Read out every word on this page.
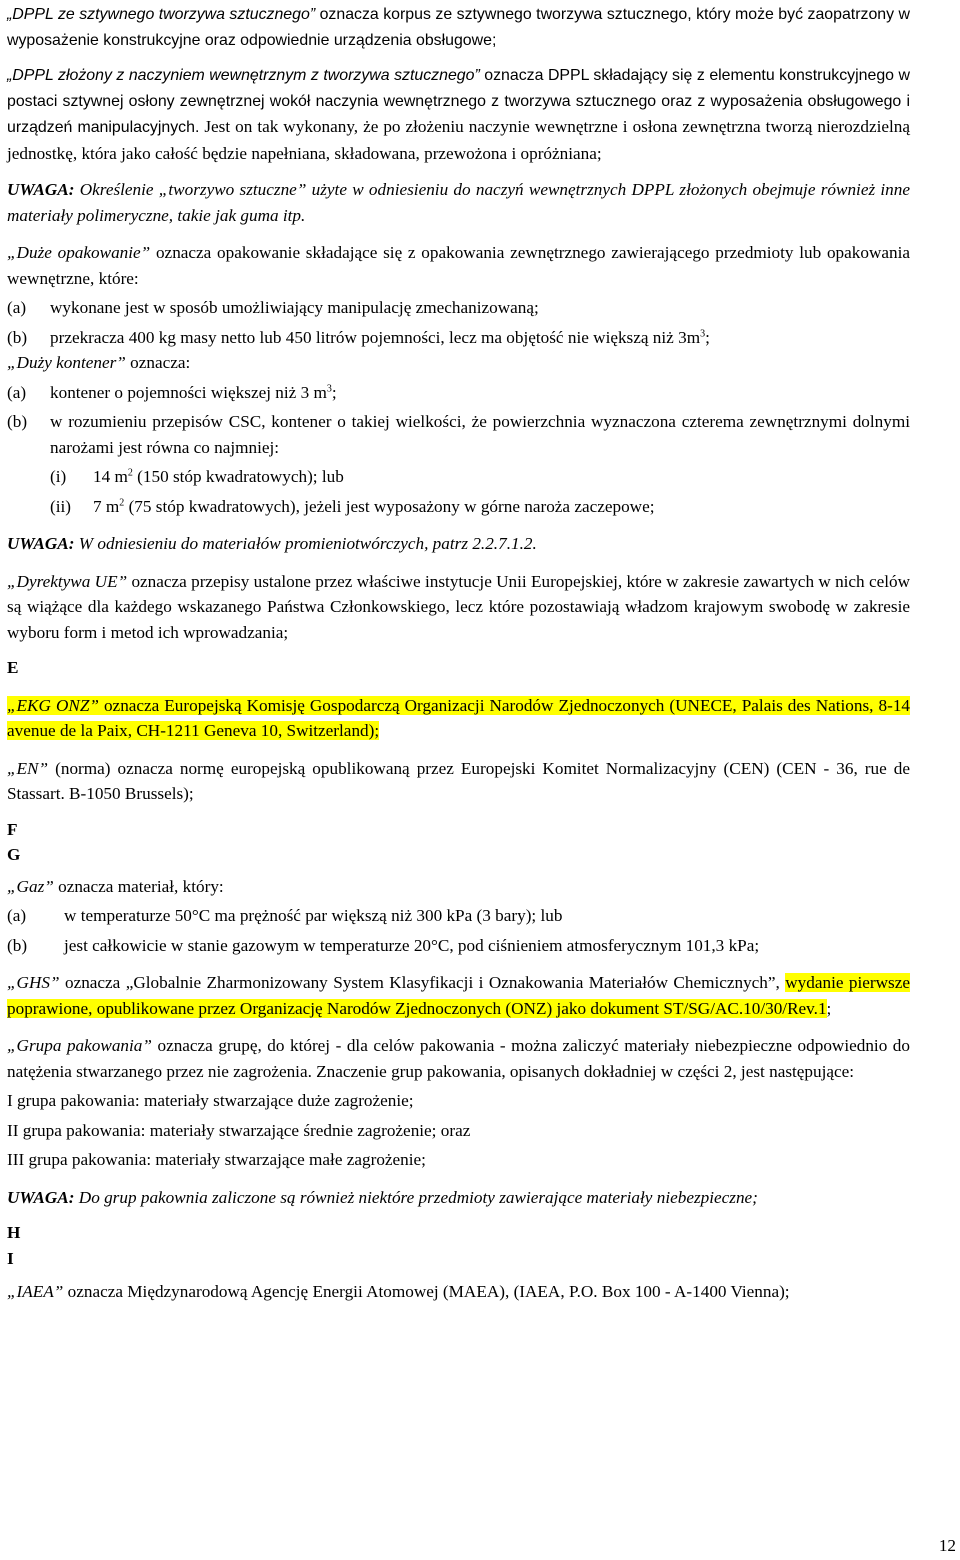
„DPPL ze sztywnego tworzywa sztucznego” oznacza korpus ze sztywnego tworzywa sztucznego, który może być zaopatrzony w wyposażenie konstrukcyjne oraz odpowiednie urządzenia obsługowe;

„DPPL złożony z naczyniem wewnętrznym z tworzywa sztucznego” oznacza DPPL składający się z elementu konstrukcyjnego w postaci sztywnej osłony zewnętrznej wokół naczynia wewnętrznego z tworzywa sztucznego oraz z wyposażenia obsługowego i urządzeń manipulacyjnych. Jest on tak wykonany, że po złożeniu naczynie wewnętrzne i osłona zewnętrzna tworzą nierozdzielną jednostkę, która jako całość będzie napełniana, składowana, przewożona i opróżniana;

UWAGA: Określenie „tworzywo sztuczne” użyte w odniesieniu do naczyń wewnętrznych DPPL złożonych obejmuje również inne materiały polimeryczne, takie jak guma itp.

„Duże opakowanie” oznacza opakowanie składające się z opakowania zewnętrznego zawierającego przedmioty lub opakowania wewnętrzne, które:

(a)	wykonane jest w sposób umożliwiający manipulację zmechanizowaną;
(b)	przekracza 400 kg masy netto lub 450 litrów pojemności, lecz ma objętość nie większą niż $3m^3$;

„Duży kontener” oznacza:

(a)	kontener o pojemności większej niż 3 $m^3$;
(b)	w rozumieniu przepisów CSC, kontener o takiej wielkości, że powierzchnia wyznaczona czterema zewnętrznymi dolnymi narożami jest równa co najmniej:
(i)	14 $m^2$ (150 stóp kwadratowych); lub
(ii)	7 $m^2$ (75 stóp kwadratowych), jeżeli jest wyposażony w górne naroża zaczepowe;

UWAGA: W odniesieniu do materiałów promieniotwórczych, patrz 2.2.7.1.2.

„Dyrektywa UE” oznacza przepisy ustalone przez właściwe instytucje Unii Europejskiej, które w zakresie zawartych w nich celów są wiążące dla każdego wskazanego Państwa Członkowskiego, lecz które pozostawiają władzom krajowym swobodę w zakresie wyboru form i metod ich wprowadzania;

E

„EKG ONZ” oznacza Europejską Komisję Gospodarczą Organizacji Narodów Zjednoczonych (UNECE, Palais des Nations, 8-14 avenue de la Paix, CH-1211 Geneva 10, Switzerland);

„EN” (norma) oznacza normę europejską opublikowaną przez Europejski Komitet Normalizacyjny (CEN) (CEN - 36, rue de Stassart. B-1050 Brussels);

F

G

„Gaz” oznacza materiał, który:

(a)	w temperaturze 50°C ma prężność par większą niż 300 kPa (3 bary); lub
(b)	jest całkowicie w stanie gazowym w temperaturze 20°C, pod ciśnieniem atmosferycznym 101,3 kPa;

„GHS” oznacza „Globalnie Zharmonizowany System Klasyfikacji i Oznakowania Materiałów Chemicznych”, wydanie pierwsze poprawione, opublikowane przez Organizację Narodów Zjednoczonych (ONZ) jako dokument ST/SG/AC.10/30/Rev.1;

„Grupa pakowania” oznacza grupę, do której - dla celów pakowania - można zaliczyć materiały niebezpieczne odpowiednio do natężenia stwarzanego przez nie zagrożenia. Znaczenie grup pakowania, opisanych dokładniej w części 2, jest następujące:

I grupa pakowania: materiały stwarzające duże zagrożenie;

II grupa pakowania: materiały stwarzające średnie zagrożenie; oraz

III grupa pakowania: materiały stwarzające małe zagrożenie;

UWAGA: Do grup pakownia zaliczone są również niektóre przedmioty zawierające materiały niebezpieczne;

H

I

„IAEA” oznacza Międzynarodową Agencję Energii Atomowej (MAEA), (IAEA, P.O. Box 100 - A-1400 Vienna);

12
